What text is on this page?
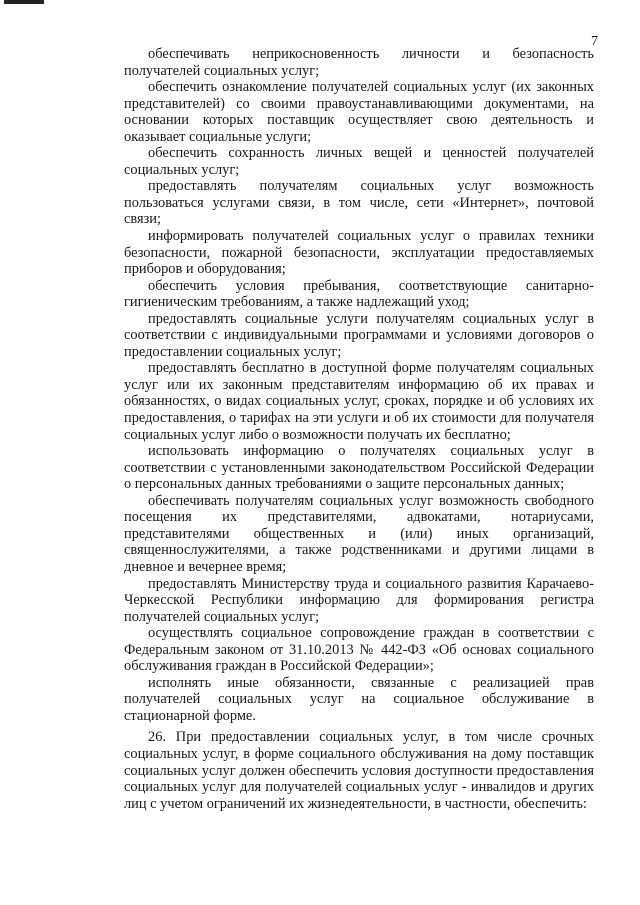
7

обеспечивать неприкосновенность личности и безопасность получателей социальных услуг;

обеспечить ознакомление получателей социальных услуг (их законных представителей) со своими правоустанавливающими документами, на основании которых поставщик осуществляет свою деятельность и оказывает социальные услуги;

обеспечить сохранность личных вещей и ценностей получателей социальных услуг;

предоставлять получателям социальных услуг возможность пользоваться услугами связи, в том числе, сети «Интернет», почтовой связи;

информировать получателей социальных услуг о правилах техники безопасности, пожарной безопасности, эксплуатации предоставляемых приборов и оборудования;

обеспечить условия пребывания, соответствующие санитарно-гигиеническим требованиям, а также надлежащий уход;

предоставлять социальные услуги получателям социальных услуг в соответствии с индивидуальными программами и условиями договоров о предоставлении социальных услуг;

предоставлять бесплатно в доступной форме получателям социальных услуг или их законным представителям информацию об их правах и обязанностях, о видах социальных услуг, сроках, порядке и об условиях их предоставления, о тарифах на эти услуги и об их стоимости для получателя социальных услуг либо о возможности получать их бесплатно;

использовать информацию о получателях социальных услуг в соответствии с установленными законодательством Российской Федерации о персональных данных требованиями о защите персональных данных;

обеспечивать получателям социальных услуг возможность свободного посещения их представителями, адвокатами, нотариусами, представителями общественных и (или) иных организаций, священнослужителями, а также родственниками и другими лицами в дневное и вечернее время;

предоставлять Министерству труда и социального развития Карачаево-Черкесской Республики информацию для формирования регистра получателей социальных услуг;

осуществлять социальное сопровождение граждан в соответствии с Федеральным законом от 31.10.2013 № 442-ФЗ «Об основах социального обслуживания граждан в Российской Федерации»;

исполнять иные обязанности, связанные с реализацией прав получателей социальных услуг на социальное обслуживание в стационарной форме.

26. При предоставлении социальных услуг, в том числе срочных социальных услуг, в форме социального обслуживания на дому поставщик социальных услуг должен обеспечить условия доступности предоставления социальных услуг для получателей социальных услуг - инвалидов и других лиц с учетом ограничений их жизнедеятельности, в частности, обеспечить:
